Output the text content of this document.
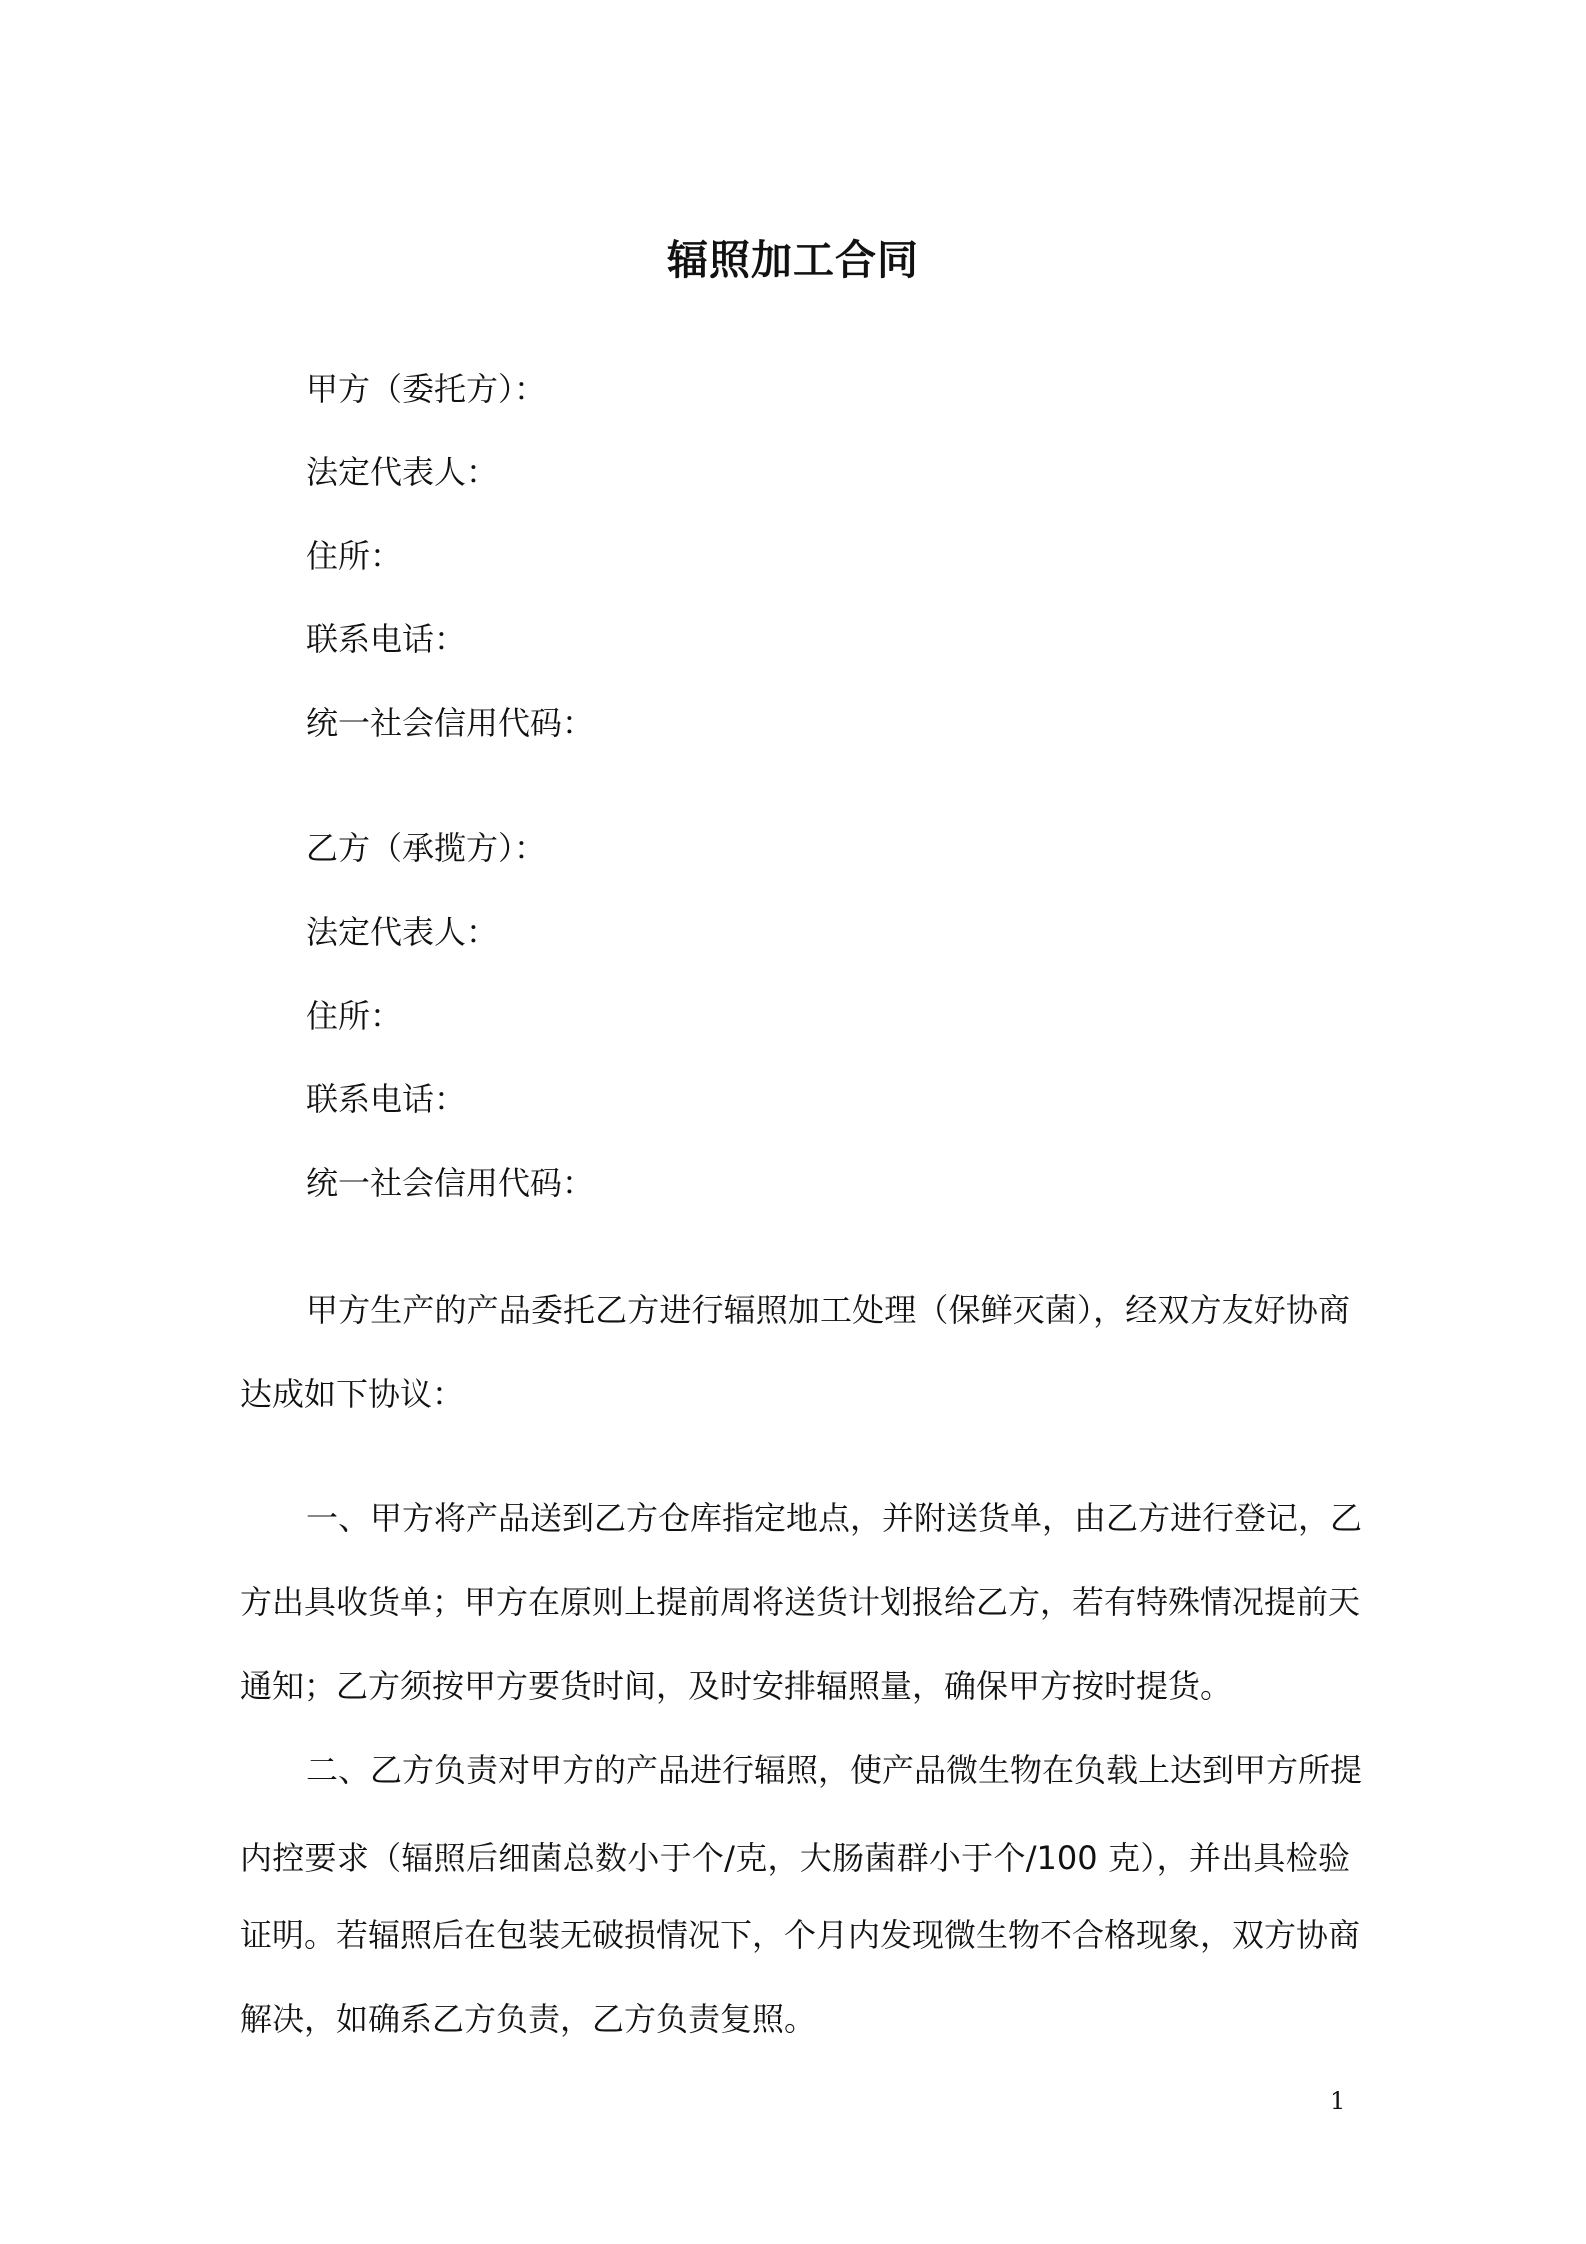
辐照加工合同
甲方（委托方）：
法定代表人：
住所：
联系电话：
统一社会信用代码：
乙方（承揽方）：
法定代表人：
住所：
联系电话：
统一社会信用代码：
甲方生产的产品委托乙方进行辐照加工处理（保鲜灭菌），经双方友好协商
达成如下协议：
一、甲方将产品送到乙方仓库指定地点，并附送货单，由乙方进行登记，乙
方出具收货单；甲方在原则上提前周将送货计划报给乙方，若有特殊情况提前天
通知；乙方须按甲方要货时间，及时安排辐照量，确保甲方按时提货。
二、乙方负责对甲方的产品进行辐照，使产品微生物在负载上达到甲方所提
内控要求（辐照后细菌总数小于个/克，大肠菌群小于个/100 克），并出具检验
证明。若辐照后在包装无破损情况下，个月内发现微生物不合格现象，双方协商
解决，如确系乙方负责，乙方负责复照。
1
